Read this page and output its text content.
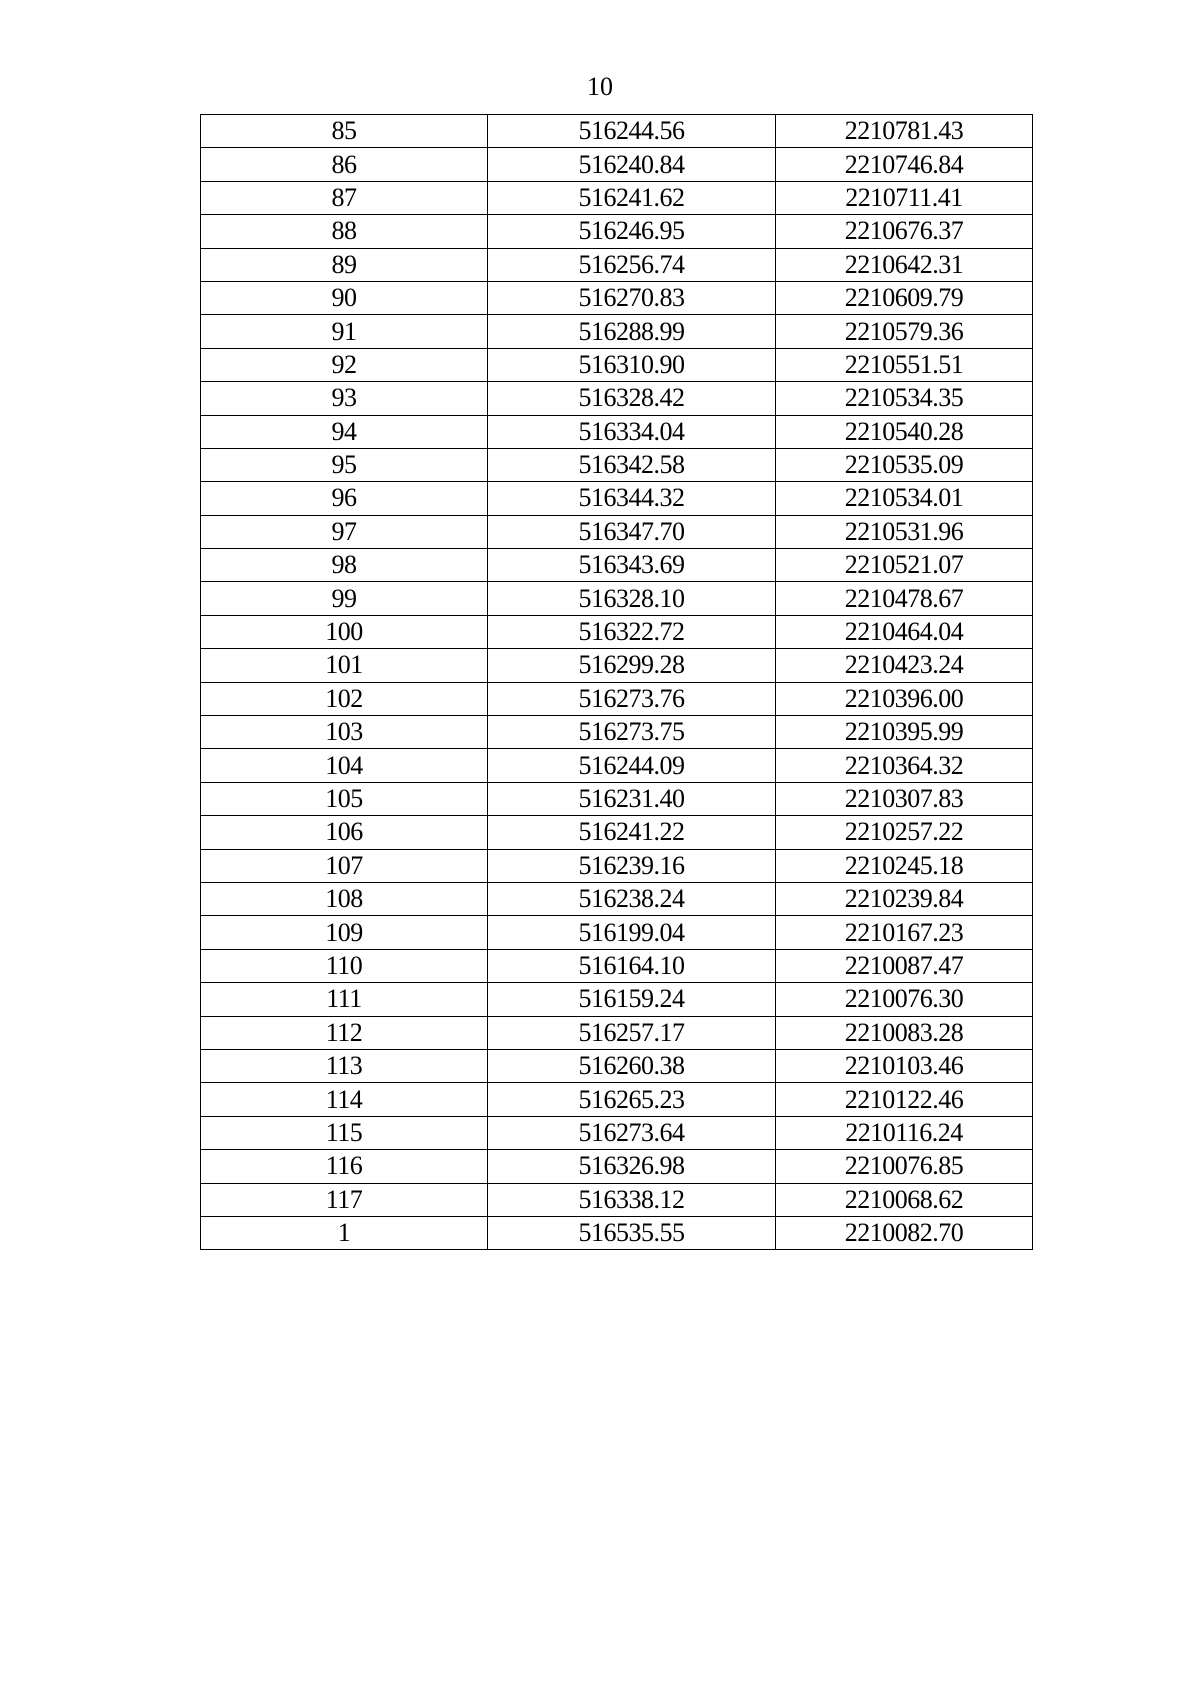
10
85	516244.56	2210781.43
86	516240.84	2210746.84
87	516241.62	2210711.41
88	516246.95	2210676.37
89	516256.74	2210642.31
90	516270.83	2210609.79
91	516288.99	2210579.36
92	516310.90	2210551.51
93	516328.42	2210534.35
94	516334.04	2210540.28
95	516342.58	2210535.09
96	516344.32	2210534.01
97	516347.70	2210531.96
98	516343.69	2210521.07
99	516328.10	2210478.67
100	516322.72	2210464.04
101	516299.28	2210423.24
102	516273.76	2210396.00
103	516273.75	2210395.99
104	516244.09	2210364.32
105	516231.40	2210307.83
106	516241.22	2210257.22
107	516239.16	2210245.18
108	516238.24	2210239.84
109	516199.04	2210167.23
110	516164.10	2210087.47
111	516159.24	2210076.30
112	516257.17	2210083.28
113	516260.38	2210103.46
114	516265.23	2210122.46
115	516273.64	2210116.24
116	516326.98	2210076.85
117	516338.12	2210068.62
1	516535.55	2210082.70
